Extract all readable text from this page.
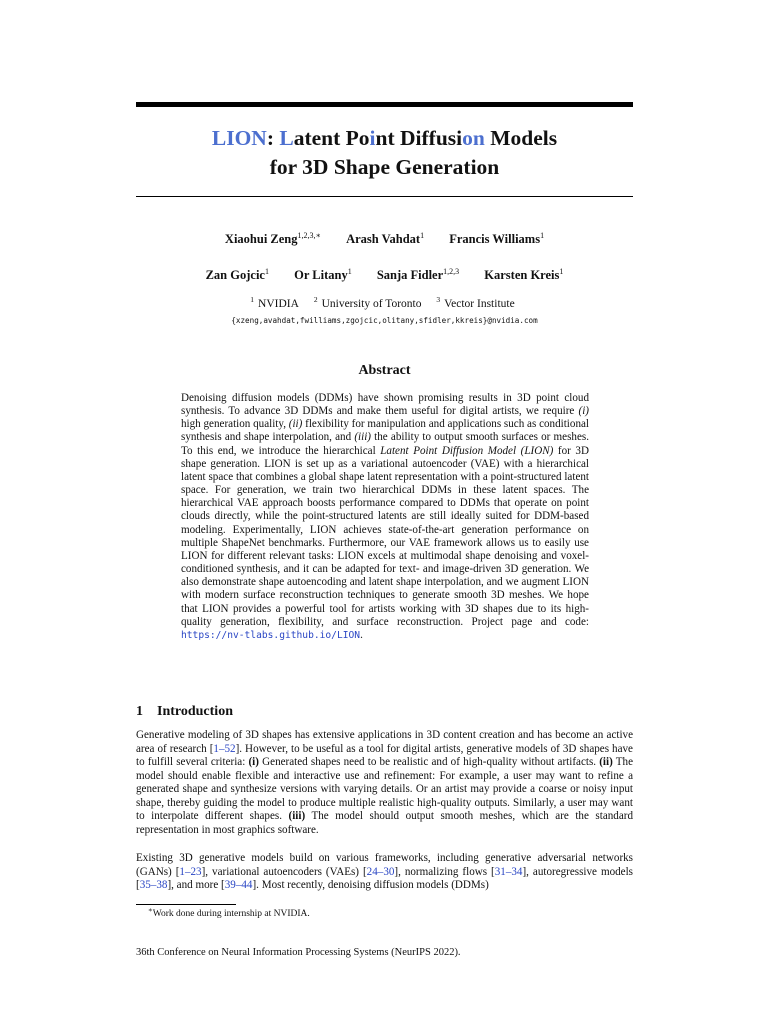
LION: Latent Point Diffusion Models
for 3D Shape Generation
Xiaohui Zeng$^{1,2,3,∗}$ Arash Vahdat$^1$ Francis Williams$^1$
Zan Gojcic$^1$ Or Litany$^1$ Sanja Fidler$^{1,2,3}$ Karsten Kreis$^1$
$^1$ NVIDIA $^2$ University of Toronto $^3$ Vector Institute
{xzeng,avahdat,fwilliams,zgojcic,olitany,sfidler,kkreis}@nvidia.com
Abstract
Denoising diffusion models (DDMs) have shown promising results in 3D point cloud synthesis. To advance 3D DDMs and make them useful for digital artists, we require (i) high generation quality, (ii) flexibility for manipulation and applications such as conditional synthesis and shape interpolation, and (iii) the ability to output smooth surfaces or meshes. To this end, we introduce the hierarchical Latent Point Diffusion Model (LION) for 3D shape generation. LION is set up as a variational autoencoder (VAE) with a hierarchical latent space that combines a global shape latent representation with a point-structured latent space. For generation, we train two hierarchical DDMs in these latent spaces. The hierarchical VAE approach boosts performance compared to DDMs that operate on point clouds directly, while the point-structured latents are still ideally suited for DDM-based modeling. Experimentally, LION achieves state-of-the-art generation performance on multiple ShapeNet benchmarks. Furthermore, our VAE framework allows us to easily use LION for different relevant tasks: LION excels at multimodal shape denoising and voxel-conditioned synthesis, and it can be adapted for text- and image-driven 3D generation. We also demonstrate shape autoencoding and latent shape interpolation, and we augment LION with modern surface reconstruction techniques to generate smooth 3D meshes. We hope that LION provides a powerful tool for artists working with 3D shapes due to its high-quality generation, flexibility, and surface reconstruction. Project page and code: https://nv-tlabs.github.io/LION.
1 Introduction
Generative modeling of 3D shapes has extensive applications in 3D content creation and has become an active area of research [1–52]. However, to be useful as a tool for digital artists, generative models of 3D shapes have to fulfill several criteria: (i) Generated shapes need to be realistic and of high-quality without artifacts. (ii) The model should enable flexible and interactive use and refinement: For example, a user may want to refine a generated shape and synthesize versions with varying details. Or an artist may provide a coarse or noisy input shape, thereby guiding the model to produce multiple realistic high-quality outputs. Similarly, a user may want to interpolate different shapes. (iii) The model should output smooth meshes, which are the standard representation in most graphics software.
Existing 3D generative models build on various frameworks, including generative adversarial networks (GANs) [1–23], variational autoencoders (VAEs) [24–30], normalizing flows [31–34], autoregressive models [35–38], and more [39–44]. Most recently, denoising diffusion models (DDMs)
∗Work done during internship at NVIDIA.
36th Conference on Neural Information Processing Systems (NeurIPS 2022).
